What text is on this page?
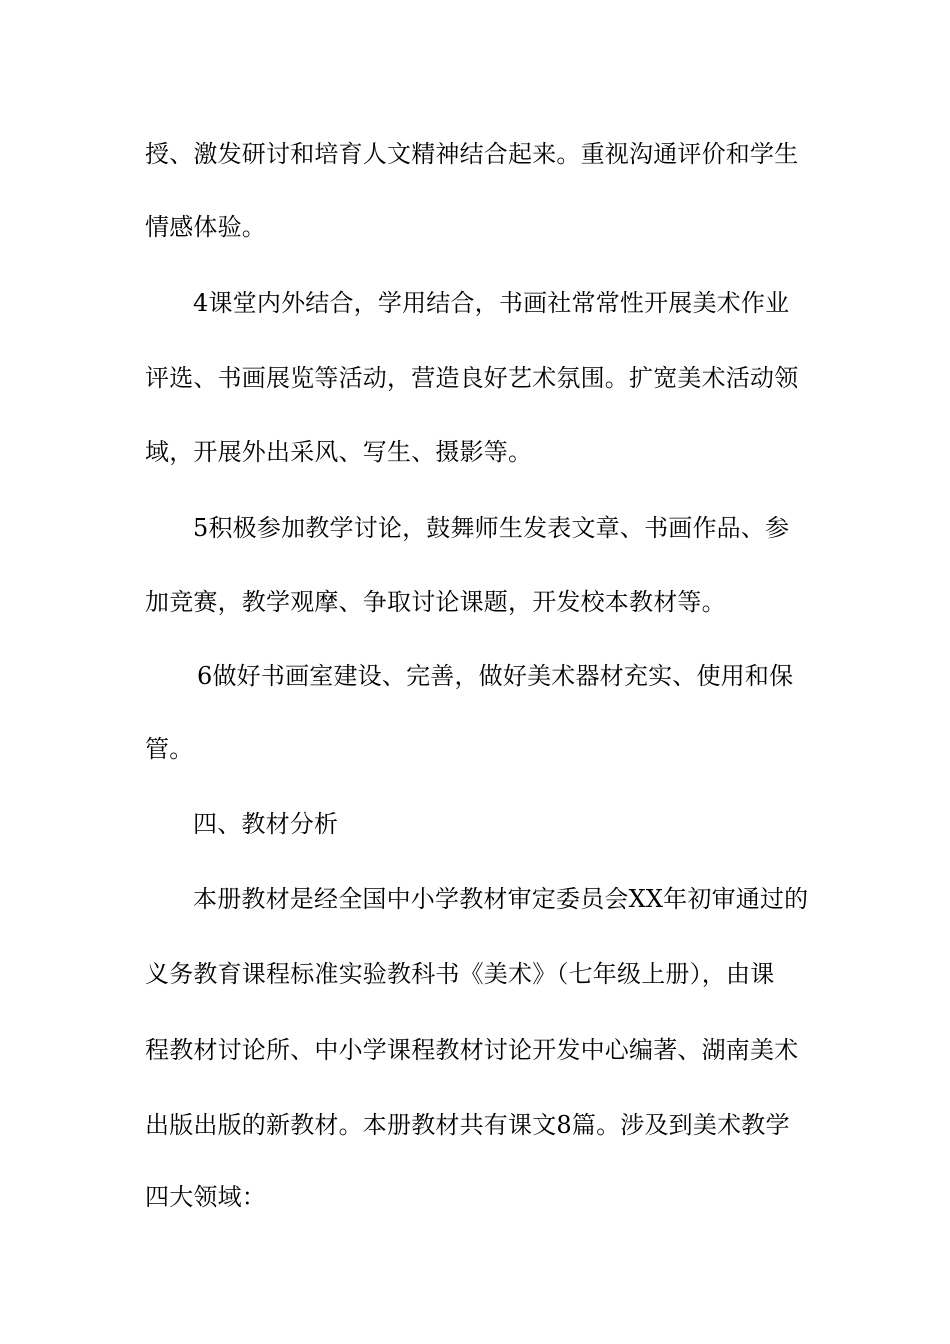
授、激发研讨和培育人文精神结合起来。重视沟通评价和学生
情感体验。
4课堂内外结合，学用结合，书画社常常性开展美术作业
评选、书画展览等活动，营造良好艺术氛围。扩宽美术活动领
域，开展外出采风、写生、摄影等。
5积极参加教学讨论，鼓舞师生发表文章、书画作品、参
加竞赛，教学观摩、争取讨论课题，开发校本教材等。
6做好书画室建设、完善，做好美术器材充实、使用和保
管。
四、教材分析
本册教材是经全国中小学教材审定委员会XX年初审通过的
义务教育课程标准实验教科书《美术》（七年级上册），由课
程教材讨论所、中小学课程教材讨论开发中心编著、湖南美术
出版出版的新教材。本册教材共有课文8篇。涉及到美术教学
四大领域：
